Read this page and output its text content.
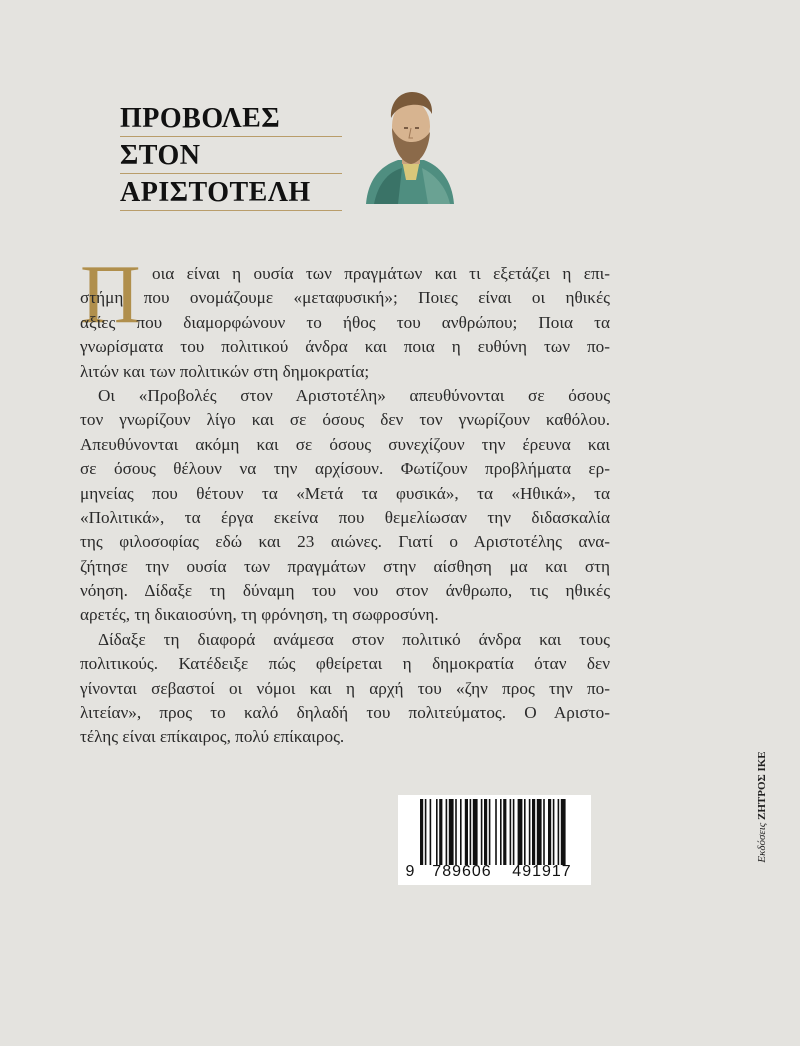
ΠΡΟΒΟΛΕΣ
ΣΤΟΝ
ΑΡΙΣΤΟΤΕΛΗ
Π οια είναι η ουσία των πραγμάτων και τι εξετάζει η επι-
στήμη που ονομάζουμε «μεταφυσική»; Ποιες είναι οι ηθικές
αξίες που διαμορφώνουν το ήθος του ανθρώπου; Ποια τα
γνωρίσματα του πολιτικού άνδρα και ποια η ευθύνη των πο-
λιτών και των πολιτικών στη δημοκρατία;
Οι «Προβολές στον Αριστοτέλη» απευθύνονται σε όσους
τον γνωρίζουν λίγο και σε όσους δεν τον γνωρίζουν καθόλου.
Απευθύνονται ακόμη και σε όσους συνεχίζουν την έρευνα και
σε όσους θέλουν να την αρχίσουν. Φωτίζουν προβλήματα ερ-
μηνείας που θέτουν τα «Μετά τα φυσικά», τα «Ηθικά», τα
«Πολιτικά», τα έργα εκείνα που θεμελίωσαν την διδασκαλία
της φιλοσοφίας εδώ και 23 αιώνες. Γιατί ο Αριστοτέλης ανα-
ζήτησε την ουσία των πραγμάτων στην αίσθηση μα και στη
νόηση. Δίδαξε τη δύναμη του νου στον άνθρωπο, τις ηθικές
αρετές, τη δικαιοσύνη, τη φρόνηση, τη σωφροσύνη.
Δίδαξε τη διαφορά ανάμεσα στον πολιτικό άνδρα και τους
πολιτικούς. Κατέδειξε πώς φθείρεται η δημοκρατία όταν δεν
γίνονται σεβαστοί οι νόμοι και η αρχή του «ζην προς την πο-
λιτείαν», προς το καλό δηλαδή του πολιτεύματος. Ο Αριστο-
τέλης είναι επίκαιρος, πολύ επίκαιρος.
9	789606	491917
Εκδόσεις ΖΗΤΡΟΣ ΙΚΕ
